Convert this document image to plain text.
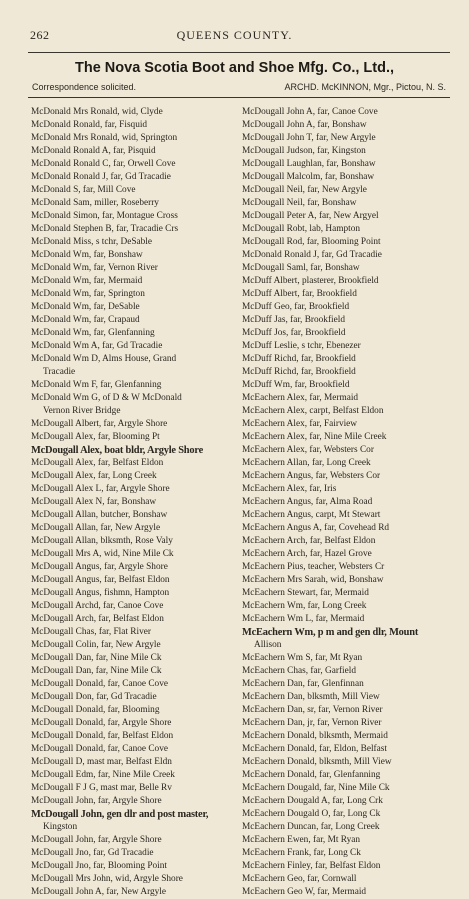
262	QUEENS COUNTY.
The Nova Scotia Boot and Shoe Mfg. Co., Ltd.,
Correspondence solicited.	ARCHD. McKINNON, Mgr., Pictou, N. S.
McDonald Mrs Ronald, wid, Clyde
McDonald Ronald, far, Fisquid
McDonald Mrs Ronald, wid, Springton
McDonald Ronald A, far, Pisquid
McDonald Ronald C, far, Orwell Cove
McDonald Ronald J, far, Gd Tracadie
McDonald S, far, Mill Cove
McDonald Sam, miller, Roseberry
McDonald Simon, far, Montague Cross
McDonald Stephen B, far, Tracadie Crs
McDonald Miss, s tchr, DeSable
McDonald Wm, far, Bonshaw
McDonald Wm, far, Vernon River
McDonald Wm, far, Mermaid
McDonald Wm, far, Springton
McDonald Wm, far, DeSable
McDonald Wm, far, Crapaud
McDonald Wm, far, Glenfanning
McDonald Wm A, far, Gd Tracadie
McDonald Wm D, Alms House, Grand
Tracadie
McDonald Wm F, far, Glenfanning
McDonald Wm G, of D & W McDonald
Vernon River Bridge
McDougall Albert, far, Argyle Shore
McDougall Alex, far, Blooming Pt
McDougall Alex, boat bldr, Argyle Shore
McDougall Alex, far, Belfast Eldon
McDougall Alex, far, Long Creek
McDougall Alex L, far, Argyle Shore
McDougall Alex N, far, Bonshaw
McDougall Allan, butcher, Bonshaw
McDougall Allan, far, New Argyle
McDougall Allan, blksmth, Rose Valy
McDougall Mrs A, wid, Nine Mile Ck
McDougall Angus, far, Argyle Shore
McDougall Angus, far, Belfast Eldon
McDougall Angus, fishmn, Hampton
McDougall Archd, far, Canoe Cove
McDougall Arch, far, Belfast Eldon
McDougall Chas, far, Flat River
McDougall Colin, far, New Argyle
McDougall Dan, far, Nine Mile Ck
McDougall Dan, far, Nine Mile Ck
McDougall Donald, far, Canoe Cove
McDougall Don, far, Gd Tracadie
McDougall Donald, far, Blooming
McDougall Donald, far, Argyle Shore
McDougall Donald, far, Belfast Eldon
McDougall Donald, far, Canoe Cove
McDougall D, mast mar, Belfast Eldn
McDougall Edm, far, Nine Mile Creek
McDougall F J G, mast mar, Belle Rv
McDougall John, far, Argyle Shore
McDougall John, gen dlr and post master,
Kingston
McDougall John, far, Argyle Shore
McDougall Jno, far, Gd Tracadie
McDougall Jno, far, Blooming Point
McDougall Mrs John, wid, Argyle Shore
McDougall John A, far, New Argyle
McDougall John A, far, Canoe Cove
McDougall John A, far, Bonshaw
McDougall John T, far, New Argyle
McDougall Judson, far, Kingston
McDougall Laughlan, far, Bonshaw
McDougall Malcolm, far, Bonshaw
McDougall Neil, far, New Argyle
McDougall Neil, far, Bonshaw
McDougall Peter A, far, New Argyel
McDougall Robt, lab, Hampton
McDougall Rod, far, Blooming Point
McDonald Ronald J, far, Gd Tracadie
McDougall Saml, far, Bonshaw
McDuff Albert, plasterer, Brookfield
McDuff Albert, far, Brookfield
McDuff Geo, far, Brookfield
McDuff Jas, far, Brookfield
McDuff Jos, far, Brookfield
McDuff Leslie, s tchr, Ebenezer
McDuff Richd, far, Brookfield
McDuff Richd, far, Brookfield
McDuff Wm, far, Brookfield
McEachern Alex, far, Mermaid
McEachern Alex, carpt, Belfast Eldon
McEachern Alex, far, Fairview
McEachern Alex, far, Nine Mile Creek
McEachern Alex, far, Websters Cor
McEachern Allan, far, Long Creek
McEachern Angus, far, Websters Cor
McEachern Alex, far, Iris
McEachern Angus, far, Alma Road
McEachern Angus, carpt, Mt Stewart
McEachern Angus A, far, Covehead Rd
McEachern Arch, far, Belfast Eldon
McEachern Arch, far, Hazel Grove
McEachern Pius, teacher, Websters Cr
McEachern Mrs Sarah, wid, Bonshaw
McEachern Stewart, far, Mermaid
McEachern Wm, far, Long Creek
McEachern Wm L, far, Mermaid
McEachern Wm, p m and gen dlr, Mount
Allison
McEachern Wm S, far, Mt Ryan
McEachern Chas, far, Garfield
McEachern Dan, far, Glenfinnan
McEachern Dan, blksmth, Mill View
McEachern Dan, sr, far, Vernon River
McEachern Dan, jr, far, Vernon River
McEachern Donald, blksmth, Mermaid
McEachern Donald, far, Eldon, Belfast
McEachern Donald, blksmth, Mill View
McEachern Donald, far, Glenfanning
McEachern Dougald, far, Nine Mile Ck
McEachern Dougald A, far, Long Crk
McEachern Dougald O, far, Long Ck
McEachern Duncan, far, Long Creek
McEachern Ewen, far, Mt Ryan
McEachern Frank, far, Long Ck
McEachern Finley, far, Belfast Eldon
McEachern Geo, far, Cornwall
McEachern Geo W, far, Mermaid
